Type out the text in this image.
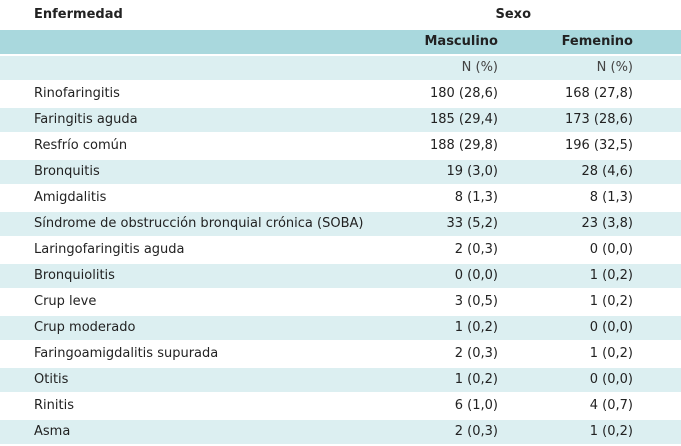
Enfermedad	Sexo	
	Masculino	Femenino
	N (%)	N (%)
Rinofaringitis	180 (28,6)	168 (27,8)
Faringitis aguda	185 (29,4)	173 (28,6)
Resfrío común	188 (29,8)	196 (32,5)
Bronquitis	19 (3,0)	28 (4,6)
Amigdalitis	8 (1,3)	8 (1,3)
Síndrome de obstrucción bronquial crónica (SOBA)	33 (5,2)	23 (3,8)
Laringofaringitis aguda	2 (0,3)	0 (0,0)
Bronquiolitis	0 (0,0)	1 (0,2)
Crup leve	3 (0,5)	1 (0,2)
Crup moderado	1 (0,2)	0 (0,0)
Faringoamigdalitis supurada	2 (0,3)	1 (0,2)
Otitis	1 (0,2)	0 (0,0)
Rinitis	6 (1,0)	4 (0,7)
Asma	2 (0,3)	1 (0,2)
